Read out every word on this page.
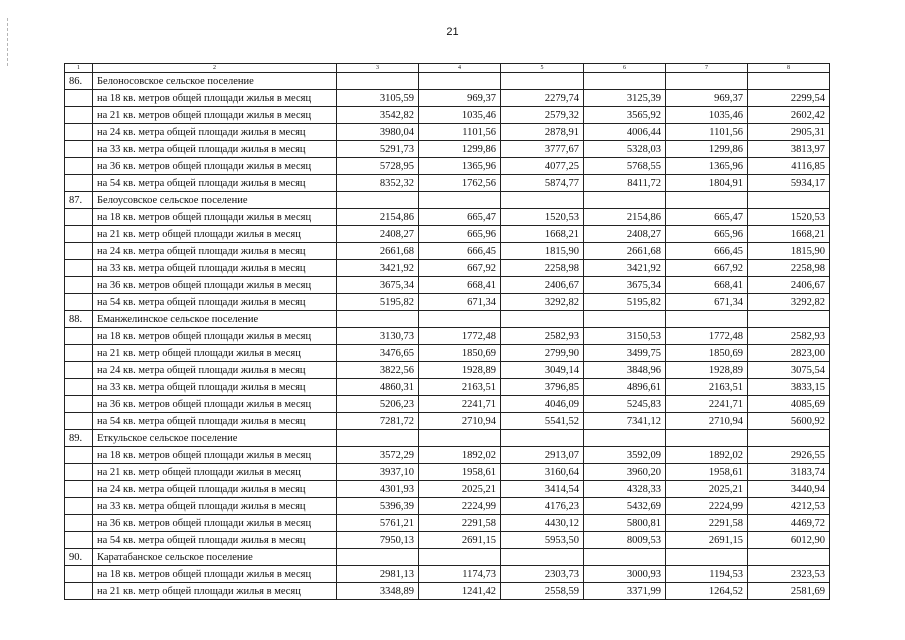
21
1	2	3	4	5	6	7	8
86.	Белоносовское сельское поселение						
	на 18 кв. метров общей площади жилья в месяц	3105,59	969,37	2279,74	3125,39	969,37	2299,54
	на 21 кв. метров общей площади жилья в месяц	3542,82	1035,46	2579,32	3565,92	1035,46	2602,42
	на 24 кв. метра общей площади жилья в месяц	3980,04	1101,56	2878,91	4006,44	1101,56	2905,31
	на 33 кв. метра общей площади жилья в месяц	5291,73	1299,86	3777,67	5328,03	1299,86	3813,97
	на 36 кв. метров общей площади жилья в месяц	5728,95	1365,96	4077,25	5768,55	1365,96	4116,85
	на 54 кв. метра общей площади жилья в месяц	8352,32	1762,56	5874,77	8411,72	1804,91	5934,17
87.	Белоусовское сельское поселение						
	на 18 кв. метров общей площади жилья в месяц	2154,86	665,47	1520,53	2154,86	665,47	1520,53
	на 21 кв. метр общей площади жилья в месяц	2408,27	665,96	1668,21	2408,27	665,96	1668,21
	на 24 кв. метра общей площади жилья в месяц	2661,68	666,45	1815,90	2661,68	666,45	1815,90
	на 33 кв. метра общей площади жилья в месяц	3421,92	667,92	2258,98	3421,92	667,92	2258,98
	на 36 кв. метров общей площади жилья в месяц	3675,34	668,41	2406,67	3675,34	668,41	2406,67
	на 54 кв. метра общей площади жилья в месяц	5195,82	671,34	3292,82	5195,82	671,34	3292,82
88.	Еманжелинское сельское поселение						
	на 18 кв. метров общей площади жилья в месяц	3130,73	1772,48	2582,93	3150,53	1772,48	2582,93
	на 21 кв. метр общей площади жилья в месяц	3476,65	1850,69	2799,90	3499,75	1850,69	2823,00
	на 24 кв. метра общей площади жилья в месяц	3822,56	1928,89	3049,14	3848,96	1928,89	3075,54
	на 33 кв. метра общей площади жилья в месяц	4860,31	2163,51	3796,85	4896,61	2163,51	3833,15
	на 36 кв. метров общей площади жилья в месяц	5206,23	2241,71	4046,09	5245,83	2241,71	4085,69
	на 54 кв. метра общей площади жилья в месяц	7281,72	2710,94	5541,52	7341,12	2710,94	5600,92
89.	Еткульское сельское поселение						
	на 18 кв. метров общей площади жилья в месяц	3572,29	1892,02	2913,07	3592,09	1892,02	2926,55
	на 21 кв. метр общей площади жилья в месяц	3937,10	1958,61	3160,64	3960,20	1958,61	3183,74
	на 24 кв. метра общей площади жилья в месяц	4301,93	2025,21	3414,54	4328,33	2025,21	3440,94
	на 33 кв. метра общей площади жилья в месяц	5396,39	2224,99	4176,23	5432,69	2224,99	4212,53
	на 36 кв. метров общей площади жилья в месяц	5761,21	2291,58	4430,12	5800,81	2291,58	4469,72
	на 54 кв. метра общей площади жилья в месяц	7950,13	2691,15	5953,50	8009,53	2691,15	6012,90
90.	Каратабанское сельское поселение						
	на 18 кв. метров общей площади жилья в месяц	2981,13	1174,73	2303,73	3000,93	1194,53	2323,53
	на 21 кв. метр общей площади жилья в месяц	3348,89	1241,42	2558,59	3371,99	1264,52	2581,69
